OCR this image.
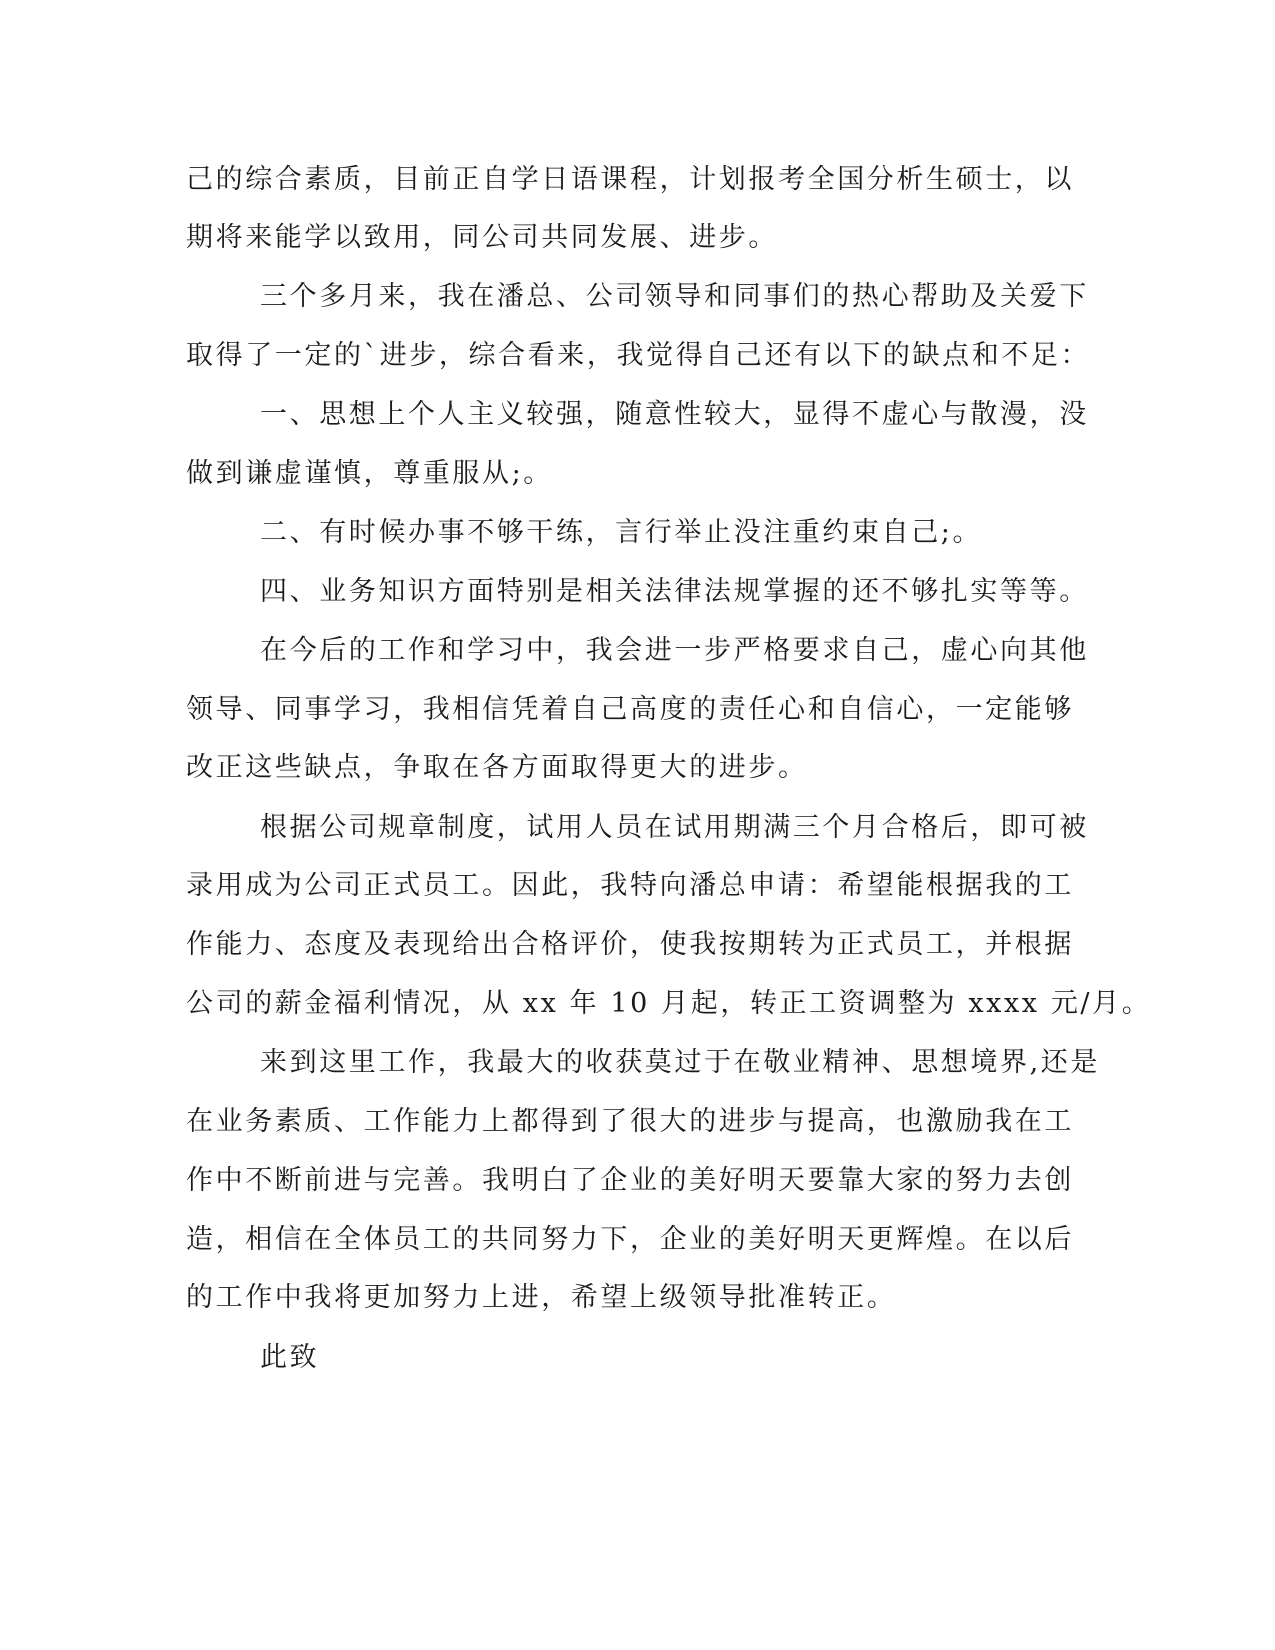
己的综合素质，目前正自学日语课程，计划报考全国分析生硕士，以
期将来能学以致用，同公司共同发展、进步。
三个多月来，我在潘总、公司领导和同事们的热心帮助及关爱下
取得了一定的`进步，综合看来，我觉得自己还有以下的缺点和不足：
一、思想上个人主义较强，随意性较大，显得不虚心与散漫，没
做到谦虚谨慎，尊重服从;。
二、有时候办事不够干练，言行举止没注重约束自己;。
四、业务知识方面特别是相关法律法规掌握的还不够扎实等等。
在今后的工作和学习中，我会进一步严格要求自己，虚心向其他
领导、同事学习，我相信凭着自己高度的责任心和自信心，一定能够
改正这些缺点，争取在各方面取得更大的进步。
根据公司规章制度，试用人员在试用期满三个月合格后，即可被
录用成为公司正式员工。因此，我特向潘总申请：希望能根据我的工
作能力、态度及表现给出合格评价，使我按期转为正式员工，并根据
公司的薪金福利情况，从 xx 年 10 月起，转正工资调整为 xxxx 元/月。
来到这里工作，我最大的收获莫过于在敬业精神、思想境界,还是
在业务素质、工作能力上都得到了很大的进步与提高，也激励我在工
作中不断前进与完善。我明白了企业的美好明天要靠大家的努力去创
造，相信在全体员工的共同努力下，企业的美好明天更辉煌。在以后
的工作中我将更加努力上进，希望上级领导批准转正。
此致
